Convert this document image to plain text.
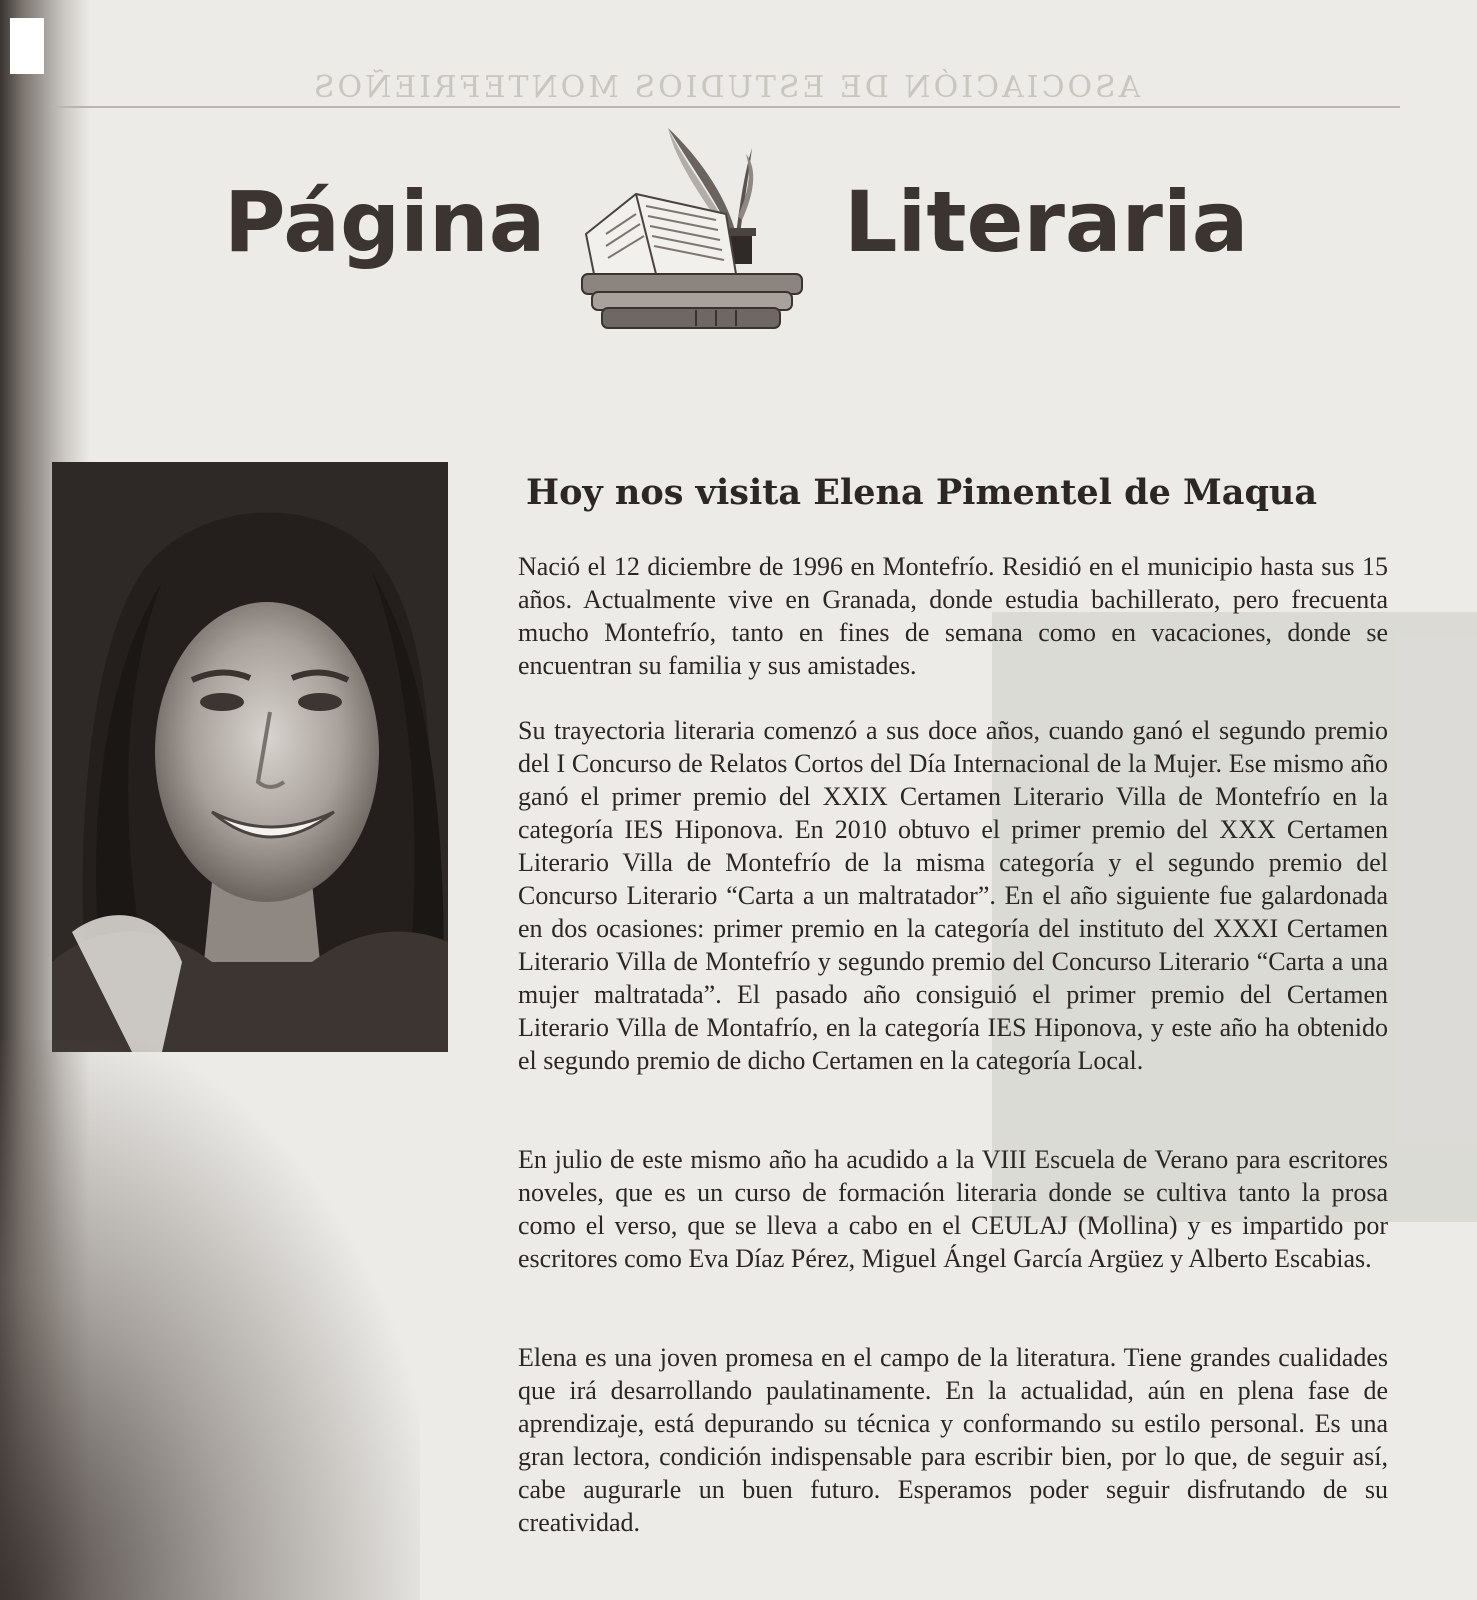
ASOCIACIÓN DE ESTUDIOS MONTEFRIEÑOS
Página	Literaria
Hoy nos visita Elena Pimentel de Maqua

Nació el 12 diciembre de 1996 en Montefrío. Residió en el municipio hasta sus 15 años. Actualmente vive en Granada, donde estudia bachillerato, pero frecuenta mucho Montefrío, tanto en fines de semana como en vacaciones, donde se encuentran su familia y sus amistades.

Su trayectoria literaria comenzó a sus doce años, cuando ganó el segundo premio del I Concurso de Relatos Cortos del Día Internacional de la Mujer. Ese mismo año ganó el primer premio del XXIX Certamen Literario Villa de Montefrío en la categoría IES Hiponova. En 2010 obtuvo el primer premio del XXX Certamen Literario Villa de Montefrío de la misma categoría y el segundo premio del Concurso Literario “Carta a un maltratador”. En el año siguiente fue galardonada en dos ocasiones: primer premio en la categoría del instituto del XXXI Certamen Literario Villa de Montefrío y segundo premio del Concurso Literario “Carta a una mujer maltratada”. El pasado año consiguió el primer premio del Certamen Literario Villa de Montafrío, en la categoría IES Hiponova, y este año ha obtenido el segundo premio de dicho Certamen en la categoría Local.

En julio de este mismo año ha acudido a la VIII Escuela de Verano para escritores noveles, que es un curso de formación literaria donde se cultiva tanto la prosa como el verso, que se lleva a cabo en el CEULAJ (Mollina) y es impartido por escritores como Eva Díaz Pérez, Miguel Ángel García Argüez y Alberto Escabias.

Elena es una joven promesa en el campo de la literatura. Tiene grandes cualidades que irá desarrollando paulatinamente. En la actualidad, aún en plena fase de aprendizaje, está depurando su técnica y conformando su estilo personal. Es una gran lectora, condición indispensable para escribir bien, por lo que, de seguir así, cabe augurarle un buen futuro. Esperamos poder seguir disfrutando de su creatividad.
